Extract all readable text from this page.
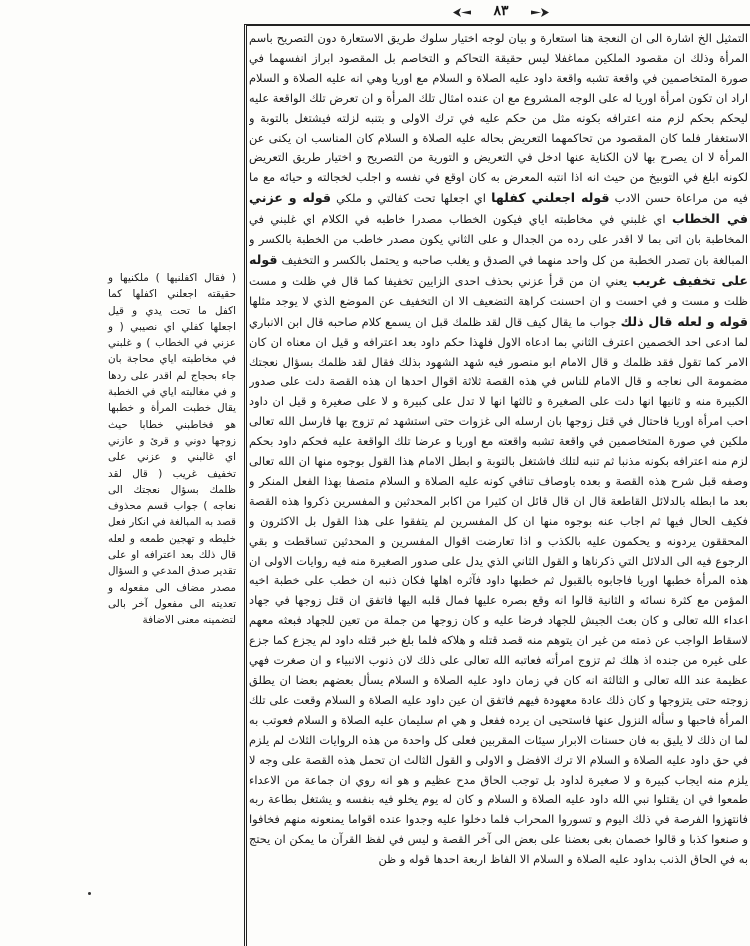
٨٣

التمثيل الخ اشارة الى ان النعجة هنا استعارة و بيان لوجه اختيار سلوك طريق الاستعارة دون التصريح باسم المرأة وذلك ان مقصود الملكين مماغفلا ليس حقيقة التحاكم و التخاصم بل المقصود ابراز انفسهما في صورة المتخاصمين في واقعة تشبه واقعة داود عليه الصلاة و السلام مع اوريا وهي انه عليه الصلاة و السلام اراد ان تكون امرأة اوريا له على الوجه المشروع مع ان عنده امثال تلك المرأة و ان تعرض تلك الواقعة عليه ليحكم بحكم لزم منه اعترافه بكونه مثل من حكم عليه في ترك الاولى و بتنبه لزلته فيشتغل بالتوبة و الاستغفار فلما كان المقصود من تحاكمهما التعريض بحاله عليه الصلاة و السلام كان المناسب ان يكنى عن المرأة لا ان يصرح بها لان الكناية عنها ادخل في التعريض و التورية من التصريح و اختيار طريق التعريض لكونه ابلغ في التوبيخ من حيث انه اذا انتبه المعرض به كان اوقع في نفسه و اجلب لخجالته و حيائه مع ما فيه من مراعاة حسن الادب قوله اجعلني كفلها اي اجعلها تحت كفالتي و ملكي قوله و عزني في الخطاب اي غلبني في مخاطبته اياي فيكون الخطاب مصدرا خاطبه في الكلام اي غلبني في المخاطبة بان اتى بما لا اقدر على رده من الجدال و على الثاني يكون مصدر خاطب من الخطبة بالكسر و المبالغة بان تصدر الخطبة من كل واحد منهما في الصدق و يغلب صاحبه و يحتمل بالكسر و التخفيف قوله على تخفيف غريب يعني ان من قرأ عزني بحذف احدى الزايين تخفيفا كما قال في ظلت و مست ظلت و مست و في احست و ان احسنت كراهة التضعيف الا ان التخفيف عن الموضع الذي لا يوجد مثلها قوله و لعله قال ذلك جواب ما يقال كيف قال لقد ظلمك قبل ان يسمع كلام صاحبه قال ابن الانباري لما ادعى احد الخصمين اعترف الثاني بما ادعاه الاول فلهذا حكم داود بعد اعترافه و قيل ان معناه ان كان الامر كما تقول فقد ظلمك و قال الامام ابو منصور فيه شهد الشهود بذلك فقال لقد ظلمك بسؤال نعجتك مضمومة الى نعاجه و قال الامام للناس في هذه القصة ثلاثة اقوال احدها ان هذه القصة دلت على صدور الكبيرة منه و ثانيها انها دلت على الصغيرة و ثالثها انها لا تدل على كبيرة و لا على صغيرة و قيل ان داود احب امرأة اوريا فاحتال في قتل زوجها بان ارسله الى غزوات حتى استشهد ثم تزوج بها فارسل الله تعالى ملكين في صورة المتخاصمين في واقعة تشبه واقعته مع اوريا و عرضا تلك الواقعة عليه فحكم داود بحكم لزم منه اعترافه بكونه مذنبا ثم تنبه لتلك فاشتغل بالتوبة و ابطل الامام هذا القول بوجوه منها ان الله تعالى وصفه قبل شرح هذه القصة و بعده باوصاف تنافي كونه عليه الصلاة و السلام متصفا بهذا الفعل المنكر و بعد ما ابطله بالدلائل القاطعة قال ان قال قائل ان كثيرا من اكابر المحدثين و المفسرين ذكروا هذه القصة فكيف الحال فيها ثم اجاب عنه بوجوه منها ان كل المفسرين لم يتفقوا على هذا القول بل الاكثرون و المحققون يردونه و يحكمون عليه بالكذب و اذا تعارضت اقوال المفسرين و المحدثين تساقطت و بقي الرجوع فيه الى الدلائل التي ذكرناها و القول الثاني الذي يدل على صدور الصغيرة منه فيه روايات الاولى ان هذه المرأة خطبها اوريا فاجابوه بالقبول ثم خطبها داود فآثره اهلها فكان ذنبه ان خطب على خطبة اخيه المؤمن مع كثرة نسائه و الثانية قالوا انه وقع بصره عليها فمال قلبه اليها فاتفق ان قتل زوجها في جهاد اعداء الله تعالى و كان بعث الجيش للجهاد فرضا عليه و كان زوجها من جملة من تعين للجهاد فبعثه معهم لاسقاط الواجب عن ذمته من غير ان يتوهم منه قصد قتله و هلاكه فلما بلغ خبر قتله داود لم يجزع كما جزع على غيره من جنده اذ هلك ثم تزوج امرأته فعاتبه الله تعالى على ذلك لان ذنوب الانبياء و ان صغرت فهي عظيمة عند الله تعالى و الثالثة انه كان في زمان داود عليه الصلاة و السلام يسأل بعضهم بعضا ان يطلق زوجته حتى يتزوجها و كان ذلك عادة معهودة فيهم فاتفق ان عين داود عليه الصلاة و السلام وقعت على تلك المرأة فاحبها و سأله النزول عنها فاستحيى ان يرده ففعل و هي ام سليمان عليه الصلاة و السلام فعوتب به لما ان ذلك لا يليق به فان حسنات الابرار سيئات المقربين فعلى كل واحدة من هذه الروايات الثلاث لم يلزم في حق داود عليه الصلاة و السلام الا ترك الافضل و الاولى و القول الثالث ان تحمل هذه القصة على وجه لا يلزم منه ايجاب كبيرة و لا صغيرة لداود بل توجب الحاق مدح عظيم و هو انه روي ان جماعة من الاعداء طمعوا في ان يقتلوا نبي الله داود عليه الصلاة و السلام و كان له يوم يخلو فيه بنفسه و يشتغل بطاعة ربه فانتهزوا الفرصة في ذلك اليوم و تسوروا المحراب فلما دخلوا عليه وجدوا عنده اقواما يمنعونه منهم فخافوا و صنعوا كذبا و قالوا خصمان بغى بعضنا على بعض الى آخر القصة و ليس في لفظ القرآن ما يمكن ان يحتج به في الحاق الذنب بداود عليه الصلاة و السلام الا الفاظ اربعة احدها قوله و ظن

( فقال اكفلنيها ) ملكنيها و حقيقته اجعلني اكفلها كما اكفل ما تحت يدي و قيل اجعلها كفلي اي نصيبي ( و عزني في الخطاب ) و غلبني في مخاطبته اياي محاجة بان جاء بحجاج لم اقدر على ردها و في مغالبته اياي في الخطبة يقال خطبت المرأة و خطبها هو فخاطبني خطابا حيث زوجها دوني و قرئ و عازني اي غالبني و عزني على تخفيف غريب ( قال لقد ظلمك بسؤال نعجتك الى نعاجه ) جواب قسم محذوف قصد به المبالغة في انكار فعل خليطه و تهجين طمعه و لعله قال ذلك بعد اعترافه او على تقدير صدق المدعي و السؤال مصدر مضاف الى مفعوله و تعديته الى مفعول آخر بالى لتضمينه معنى الاضافة
